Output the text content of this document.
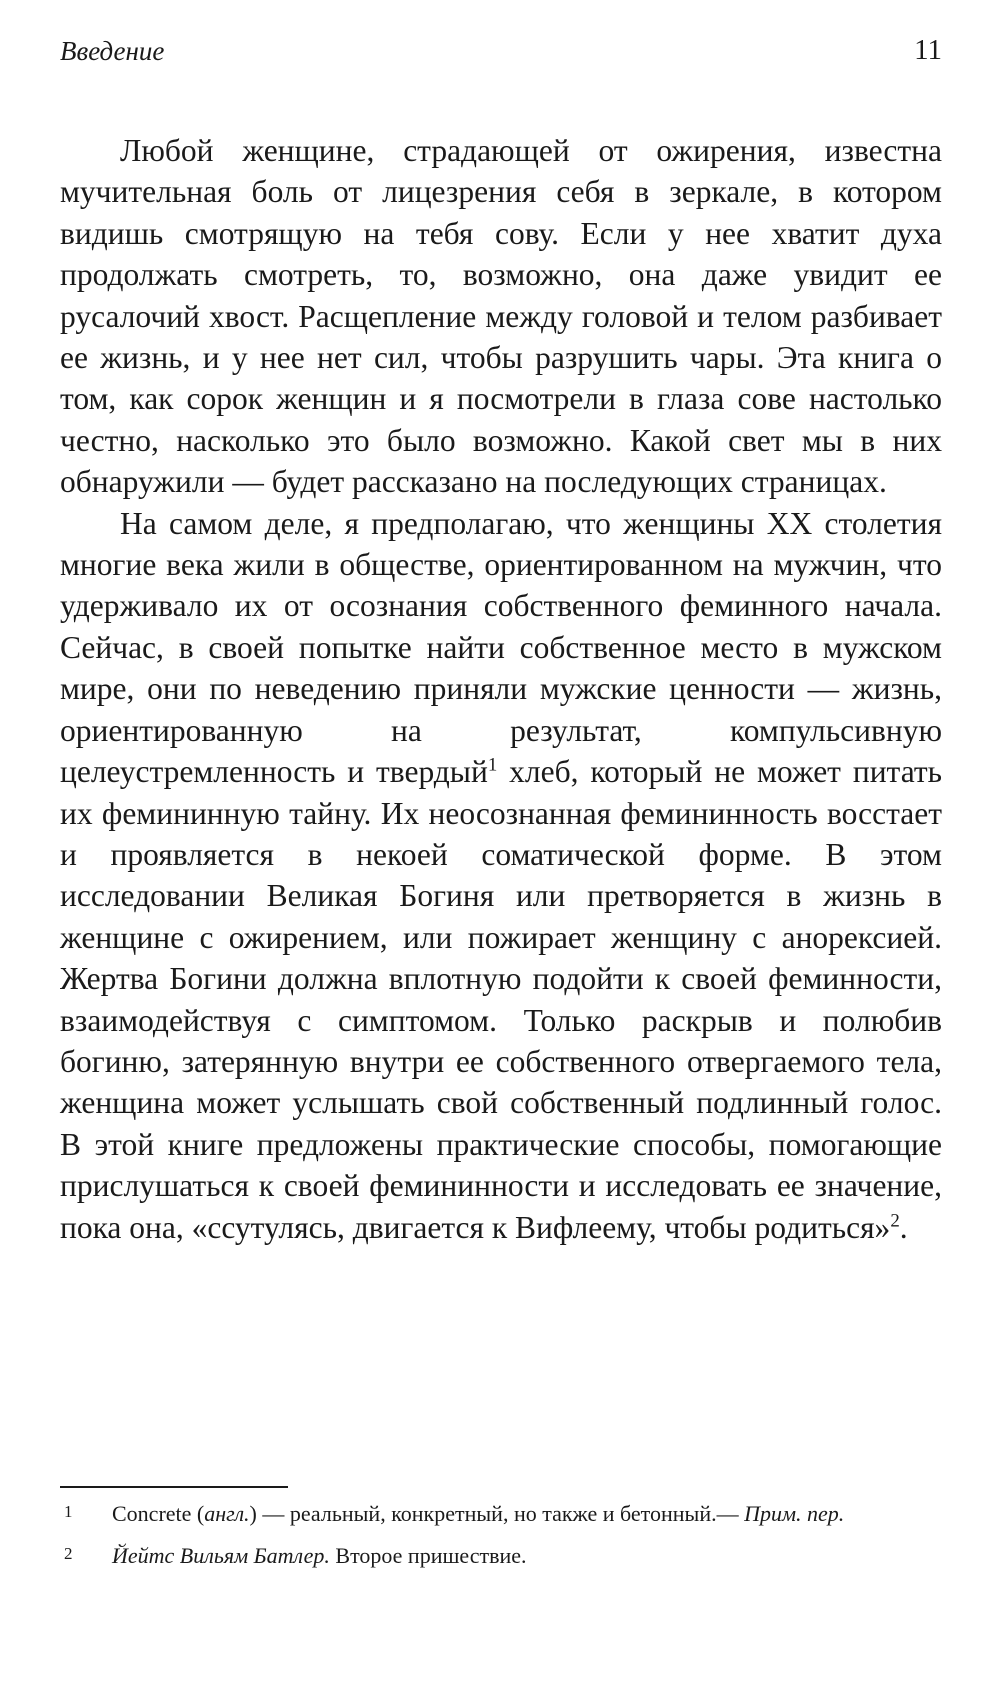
Введение	11

Любой женщине, страдающей от ожирения, известна мучительная боль от лицезрения себя в зеркале, в котором видишь смотрящую на тебя сову. Если у нее хватит духа продолжать смотреть, то, возможно, она даже увидит ее русалочий хвост. Расщепление между головой и телом разбивает ее жизнь, и у нее нет сил, чтобы разрушить чары. Эта книга о том, как сорок женщин и я посмотрели в глаза сове настолько честно, насколько это было возможно. Какой свет мы в них обнаружили — будет рассказано на последующих страницах.

На самом деле, я предполагаю, что женщины XX столетия многие века жили в обществе, ориентированном на мужчин, что удерживало их от осознания собственного феминного начала. Сейчас, в своей попытке найти собственное место в мужском мире, они по неведению приняли мужские ценности — жизнь, ориентированную на результат, компульсивную целеустремленность и твердый$^1$ хлеб, который не может питать их фемининную тайну. Их неосознанная фемининность восстает и проявляется в некоей соматической форме. В этом исследовании Великая Богиня или претворяется в жизнь в женщине с ожирением, или пожирает женщину с анорексией. Жертва Богини должна вплотную подойти к своей феминности, взаимодействуя с симптомом. Только раскрыв и полюбив богиню, затерянную внутри ее собственного отвергаемого тела, женщина может услышать свой собственный подлинный голос. В этой книге предложены практические способы, помогающие прислушаться к своей фемининности и исследовать ее значение, пока она, «ссутулясь, двигается к Вифлеему, чтобы родиться»$^2$.

1 Concrete (англ.) — реальный, конкретный, но также и бетонный.— Прим. пер.
2 Йейтс Вильям Батлер. Второе пришествие.
